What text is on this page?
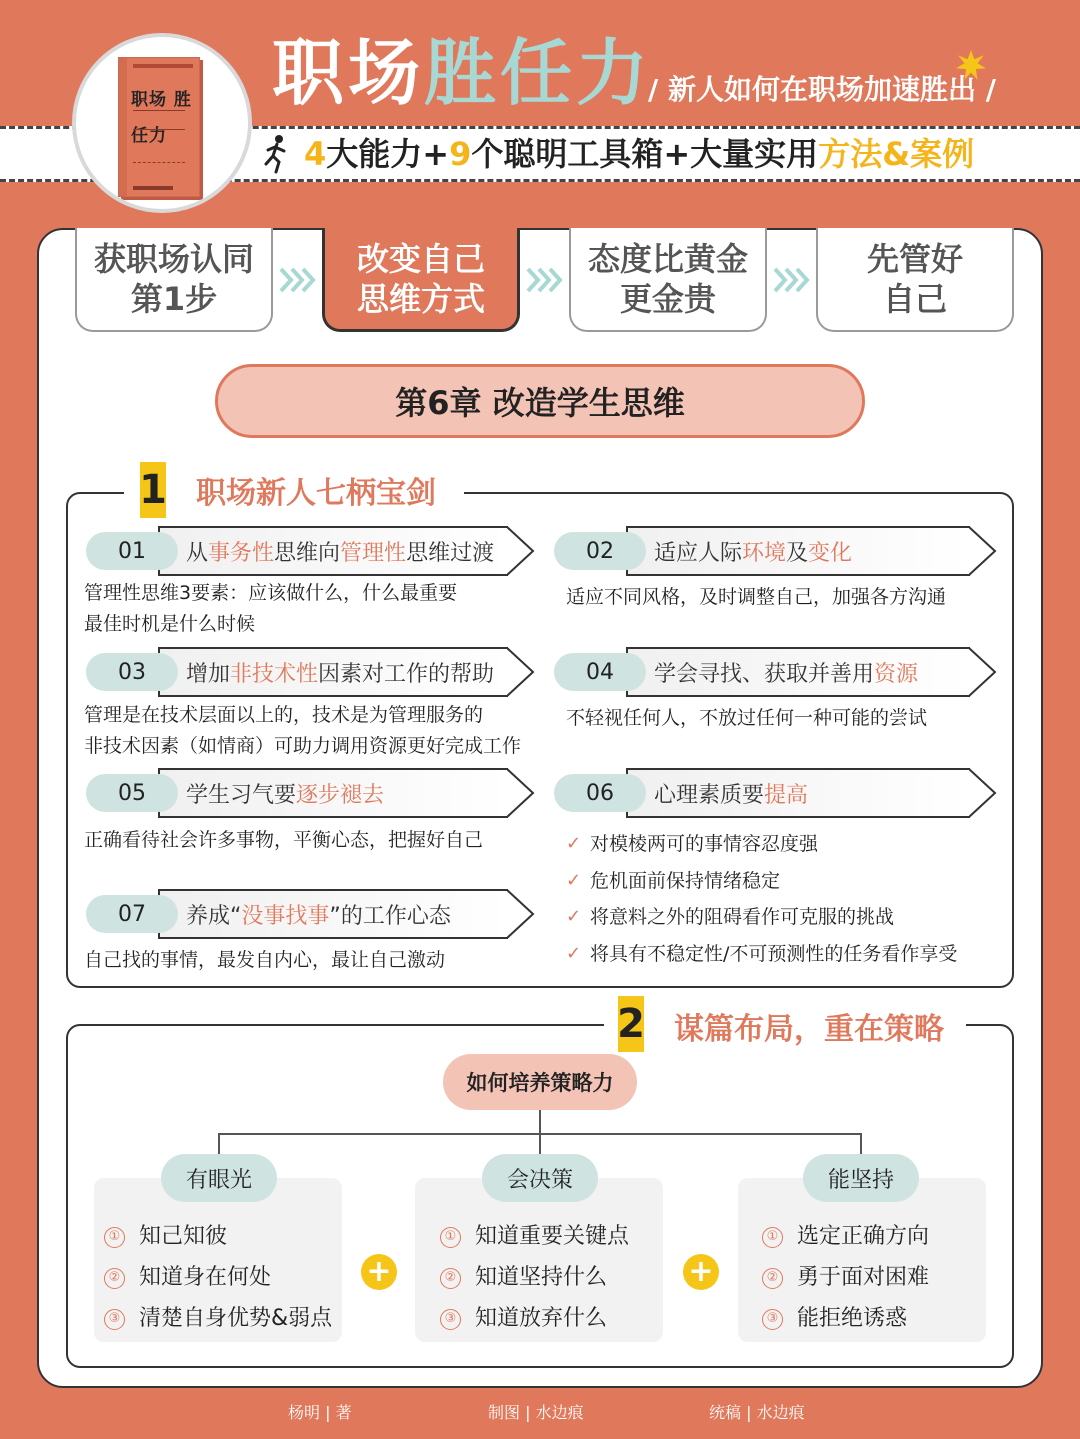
职场 胜任力
职场胜任力
/ 新人如何在职场加速胜出 /
4大能力+9个聪明工具箱+大量实用方法&案例
获职场认同
第1步
改变自己
思维方式
态度比黄金
更金贵
先管好
自己
第6章 改造学生思维
1 职场新人七柄宝剑
01	从 事务性 思维向 管理性 思维过渡
管理性思维3要素：应该做什么，什么最重要
最佳时机是什么时候
02	适应人际 环境 及 变化
适应不同风格，及时调整自己，加强各方沟通
03	增加 非技术性 因素对工作的帮助
管理是在技术层面以上的，技术是为管理服务的
非技术因素（如情商）可助力调用资源更好完成工作
04	学会寻找、获取并善用 资源
不轻视任何人，不放过任何一种可能的尝试
05	学生习气要 逐步褪去
正确看待社会许多事物，平衡心态，把握好自己
06	心理素质要 提高
✓ 对模棱两可的事情容忍度强
✓ 危机面前保持情绪稳定
✓ 将意料之外的阻碍看作可克服的挑战
✓ 将具有不稳定性/不可预测性的任务看作享受
07	养成“ 没事找事 ”的工作心态
自己找的事情，最发自内心，最让自己激动
2 谋篇布局，重在策略
如何培养策略力
有眼光
① 知己知彼
② 知道身在何处
③ 清楚自身优势&弱点
+
会决策
① 知道重要关键点
② 知道坚持什么
③ 知道放弃什么
+
能坚持
① 选定正确方向
② 勇于面对困难
③ 能拒绝诱惑
杨明 | 著	制图 | 水边痕	统稿 | 水边痕
